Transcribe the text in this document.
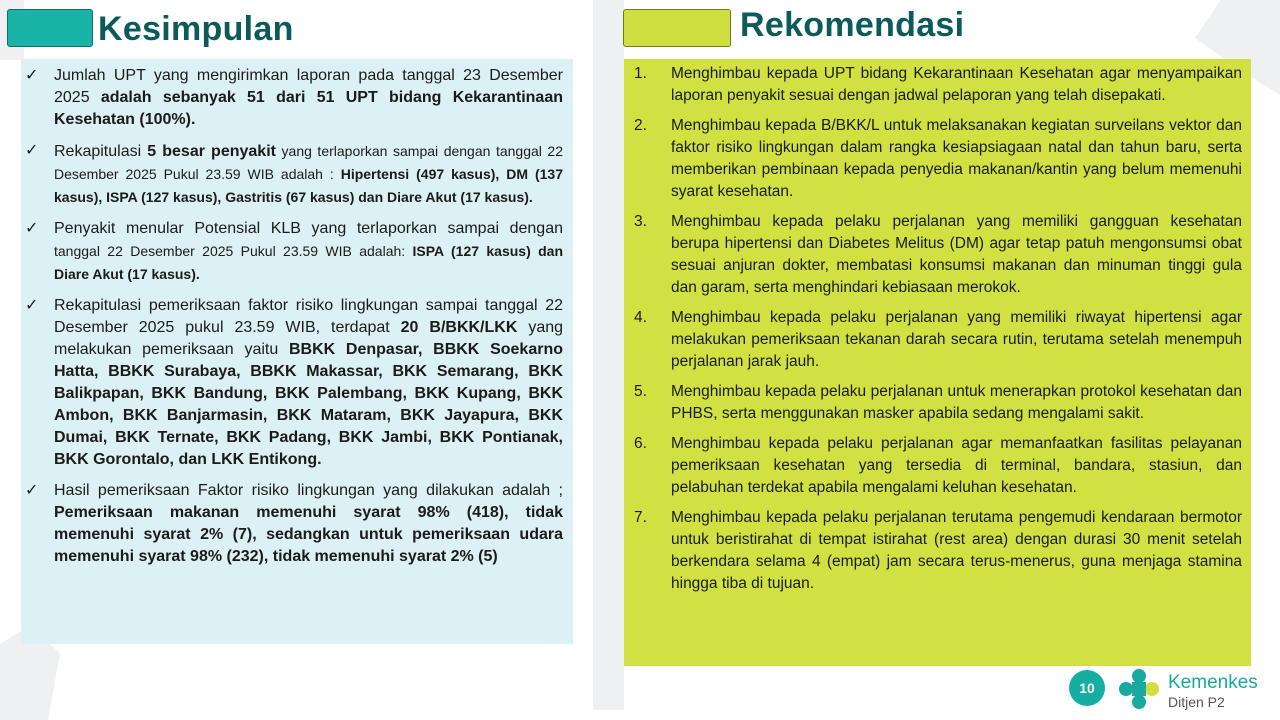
Kesimpulan	Rekomendasi
✓ Jumlah UPT yang mengirimkan laporan pada tanggal 23 Desember 2025 adalah sebanyak 51 dari 51 UPT bidang Kekarantinaan Kesehatan (100%).
✓ Rekapitulasi 5 besar penyakit yang terlaporkan sampai dengan tanggal 22 Desember 2025 Pukul 23.59 WIB adalah : Hipertensi (497 kasus), DM (137 kasus), ISPA (127 kasus), Gastritis (67 kasus) dan Diare Akut (17 kasus).
✓ Penyakit menular Potensial KLB yang terlaporkan sampai dengan tanggal 22 Desember 2025 Pukul 23.59 WIB adalah: ISPA (127 kasus) dan Diare Akut (17 kasus).
✓ Rekapitulasi pemeriksaan faktor risiko lingkungan sampai tanggal 22 Desember 2025 pukul 23.59 WIB, terdapat 20 B/BKK/LKK yang melakukan pemeriksaan yaitu BBKK Denpasar, BBKK Soekarno Hatta, BBKK Surabaya, BBKK Makassar, BKK Semarang, BKK Balikpapan, BKK Bandung, BKK Palembang, BKK Kupang, BKK Ambon, BKK Banjarmasin, BKK Mataram, BKK Jayapura, BKK Dumai, BKK Ternate, BKK Padang, BKK Jambi, BKK Pontianak, BKK Gorontalo, dan LKK Entikong.
✓ Hasil pemeriksaan Faktor risiko lingkungan yang dilakukan adalah ; Pemeriksaan makanan memenuhi syarat 98% (418), tidak memenuhi syarat 2% (7), sedangkan untuk pemeriksaan udara memenuhi syarat 98% (232), tidak memenuhi syarat 2% (5)
1. Menghimbau kepada UPT bidang Kekarantinaan Kesehatan agar menyampaikan laporan penyakit sesuai dengan jadwal pelaporan yang telah disepakati.
2. Menghimbau kepada B/BKK/L untuk melaksanakan kegiatan surveilans vektor dan faktor risiko lingkungan dalam rangka kesiapsiagaan natal dan tahun baru, serta memberikan pembinaan kepada penyedia makanan/kantin yang belum memenuhi syarat kesehatan.
3. Menghimbau kepada pelaku perjalanan yang memiliki gangguan kesehatan berupa hipertensi dan Diabetes Melitus (DM) agar tetap patuh mengonsumsi obat sesuai anjuran dokter, membatasi konsumsi makanan dan minuman tinggi gula dan garam, serta menghindari kebiasaan merokok.
4. Menghimbau kepada pelaku perjalanan yang memiliki riwayat hipertensi agar melakukan pemeriksaan tekanan darah secara rutin, terutama setelah menempuh perjalanan jarak jauh.
5. Menghimbau kepada pelaku perjalanan untuk menerapkan protokol kesehatan dan PHBS, serta menggunakan masker apabila sedang mengalami sakit.
6. Menghimbau kepada pelaku perjalanan agar memanfaatkan fasilitas pelayanan pemeriksaan kesehatan yang tersedia di terminal, bandara, stasiun, dan pelabuhan terdekat apabila mengalami keluhan kesehatan.
7. Menghimbau kepada pelaku perjalanan terutama pengemudi kendaraan bermotor untuk beristirahat di tempat istirahat (rest area) dengan durasi 30 menit setelah berkendara selama 4 (empat) jam secara terus-menerus, guna menjaga stamina hingga tiba di tujuan.
10	Kemenkes
Ditjen P2
